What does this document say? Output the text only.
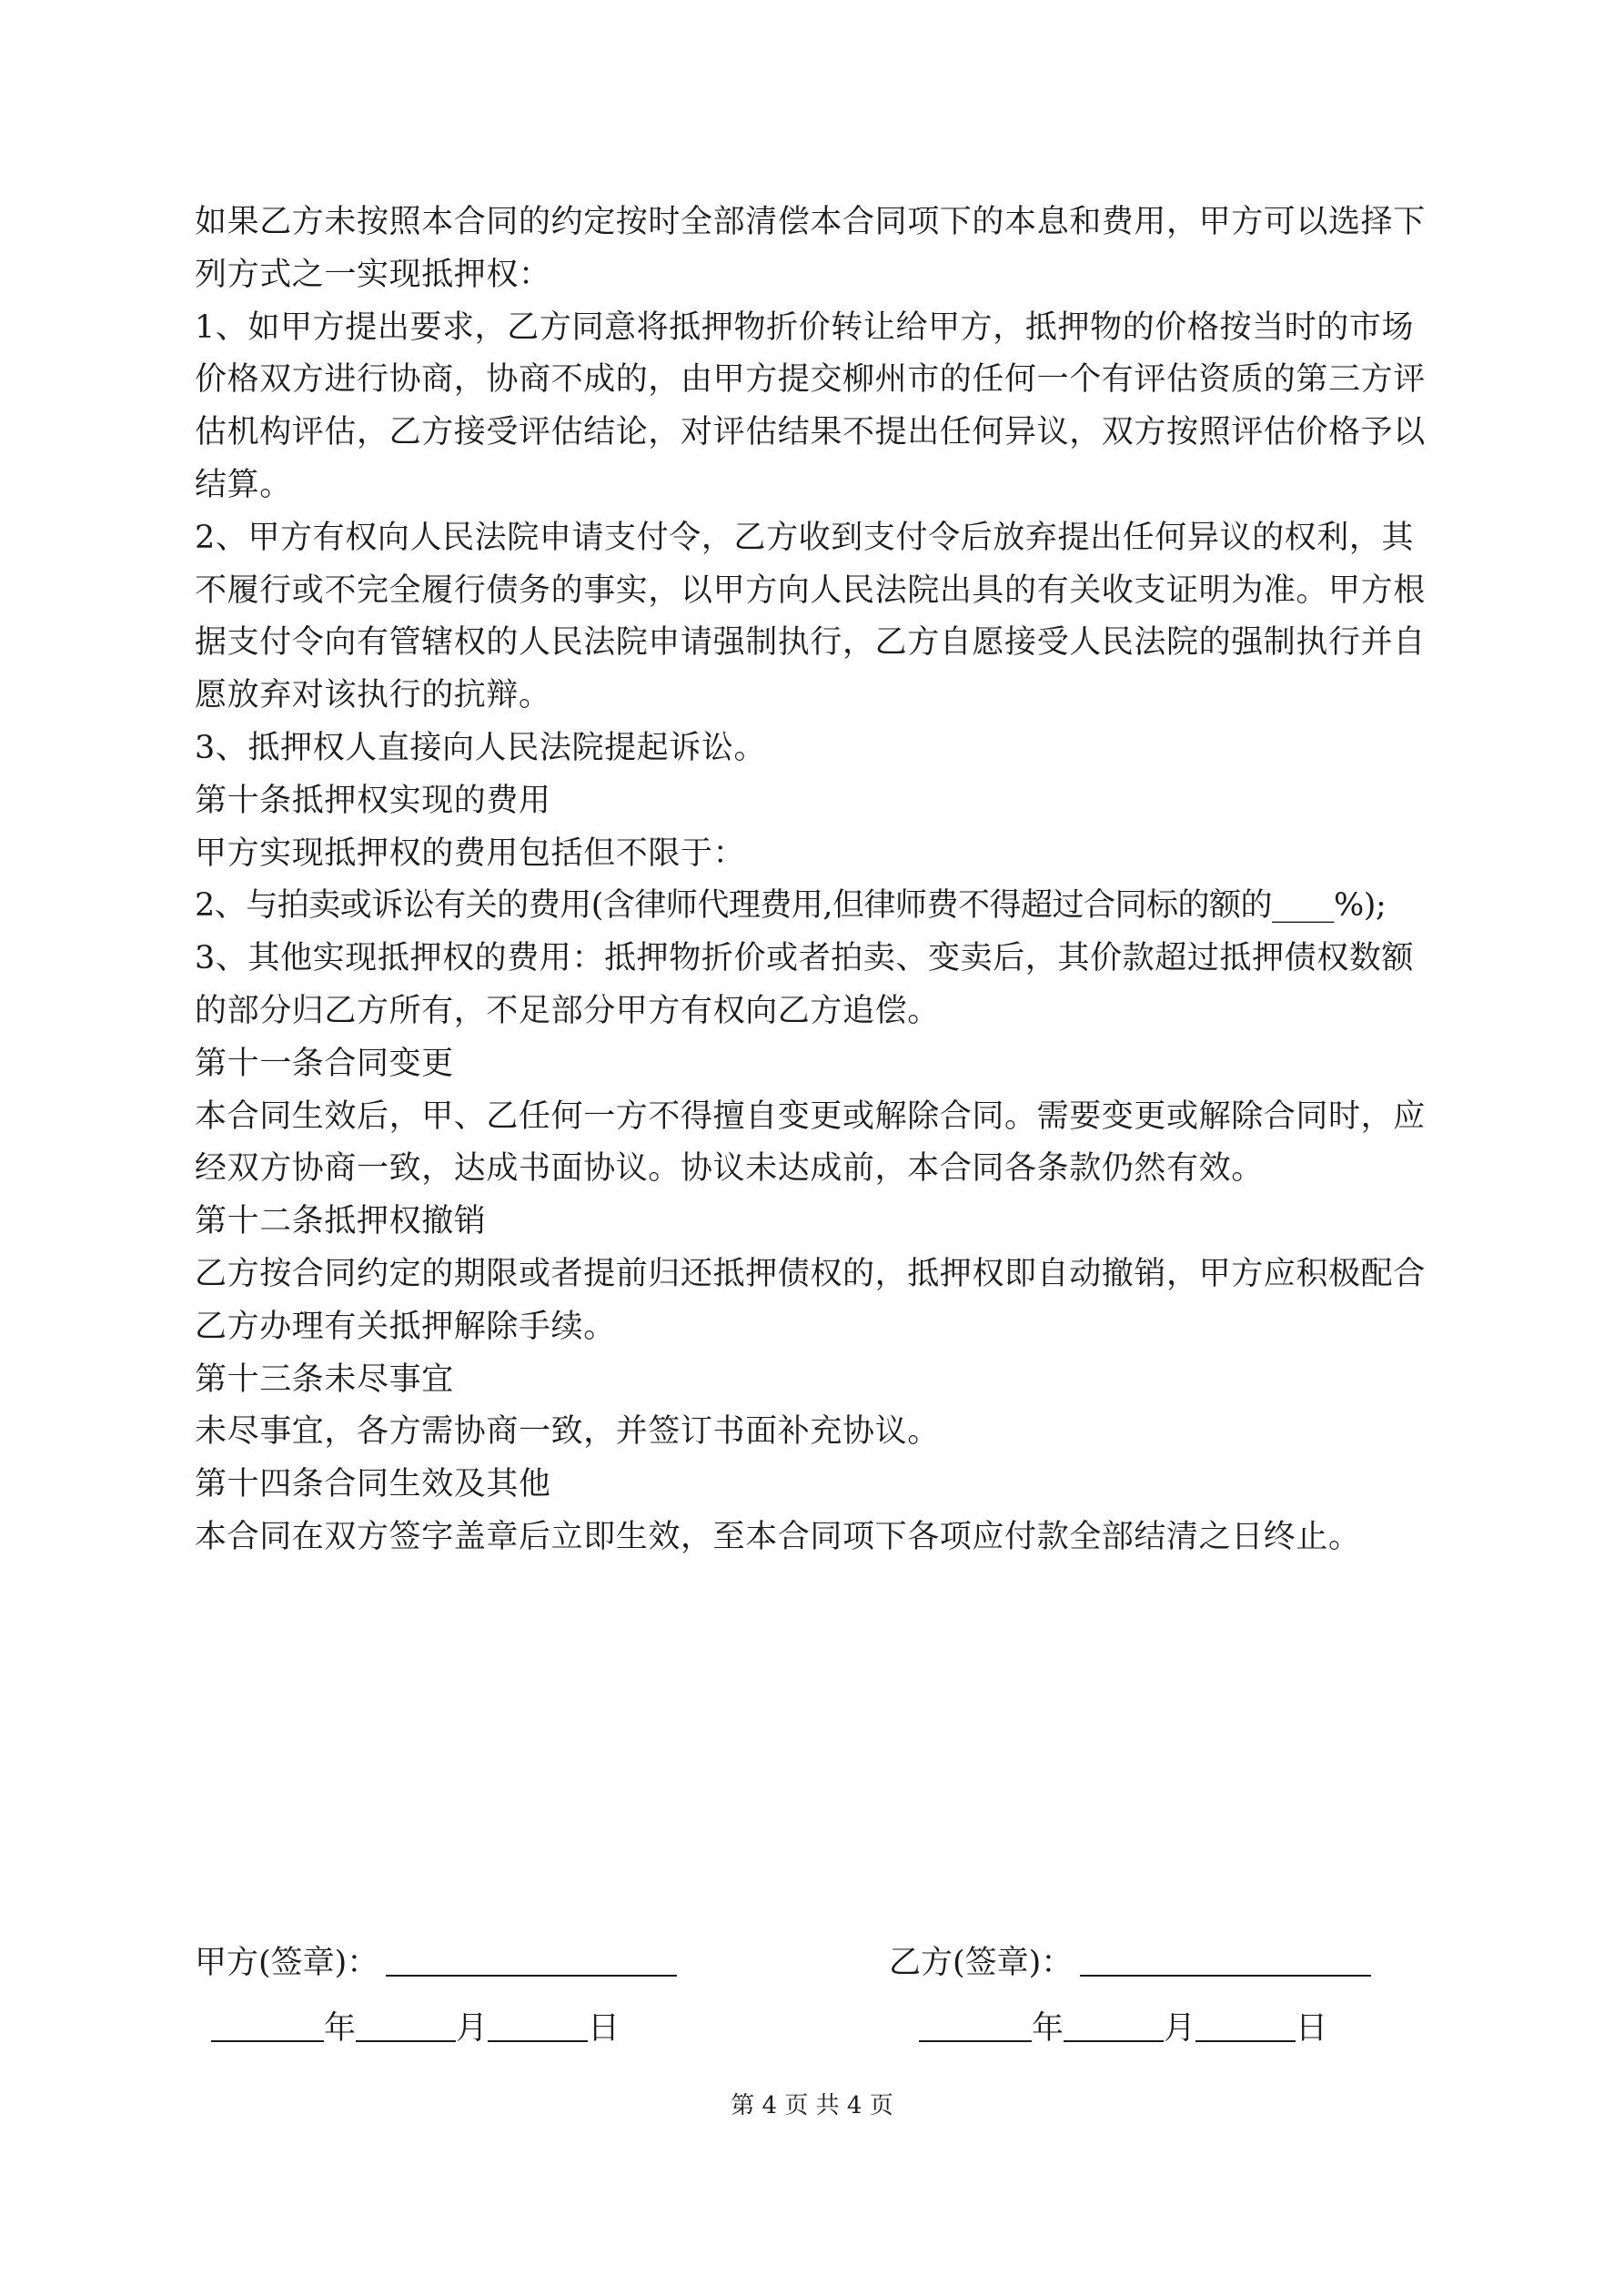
如果乙方未按照本合同的约定按时全部清偿本合同项下的本息和费用，甲方可以选择下

列方式之一实现抵押权：

1、如甲方提出要求，乙方同意将抵押物折价转让给甲方，抵押物的价格按当时的市场

价格双方进行协商，协商不成的，由甲方提交柳州市的任何一个有评估资质的第三方评

估机构评估，乙方接受评估结论，对评估结果不提出任何异议，双方按照评估价格予以

结算。

2、甲方有权向人民法院申请支付令，乙方收到支付令后放弃提出任何异议的权利，其

不履行或不完全履行债务的事实，以甲方向人民法院出具的有关收支证明为准。甲方根

据支付令向有管辖权的人民法院申请强制执行，乙方自愿接受人民法院的强制执行并自

愿放弃对该执行的抗辩。

3、抵押权人直接向人民法院提起诉讼。

第十条抵押权实现的费用

甲方实现抵押权的费用包括但不限于：

2、与拍卖或诉讼有关的费用(含律师代理费用,但律师费不得超过合同标的额的____%);

3、其他实现抵押权的费用：抵押物折价或者拍卖、变卖后，其价款超过抵押债权数额

的部分归乙方所有，不足部分甲方有权向乙方追偿。

第十一条合同变更

本合同生效后，甲、乙任何一方不得擅自变更或解除合同。需要变更或解除合同时，应

经双方协商一致，达成书面协议。协议未达成前，本合同各条款仍然有效。

第十二条抵押权撤销

乙方按合同约定的期限或者提前归还抵押债权的，抵押权即自动撤销，甲方应积极配合

乙方办理有关抵押解除手续。

第十三条未尽事宜

未尽事宜，各方需协商一致，并签订书面补充协议。

第十四条合同生效及其他

本合同在双方签字盖章后立即生效，至本合同项下各项应付款全部结清之日终止。

甲方(签章)：	乙方(签章)：
年	月	日	年	月	日
第 4 页 共 4 页
